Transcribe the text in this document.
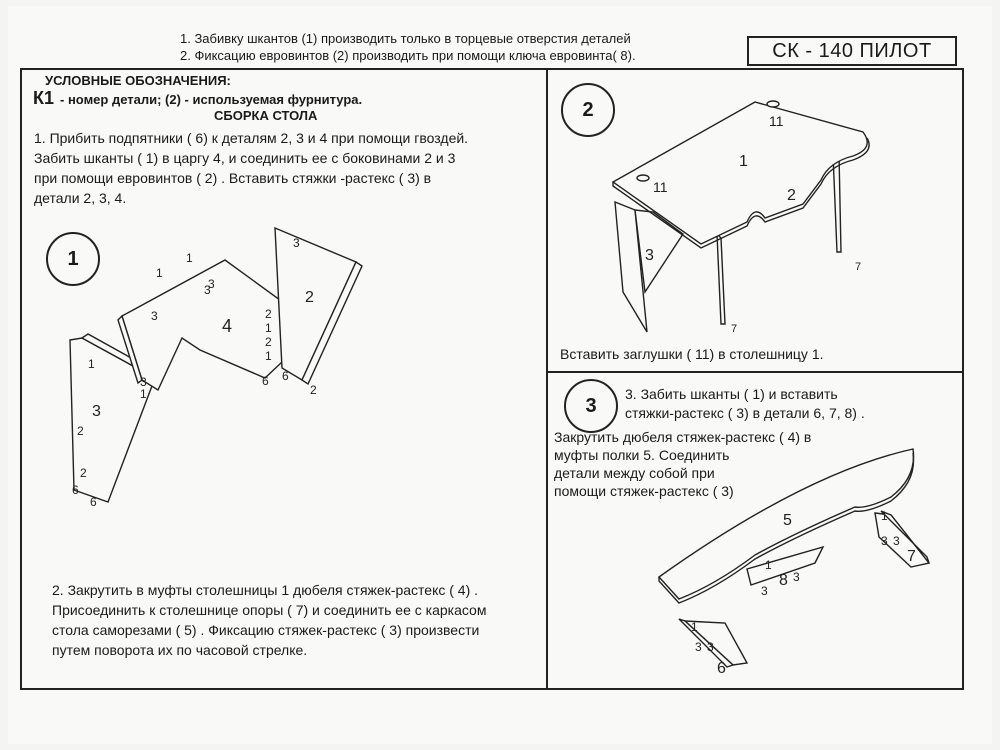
1. Забивку шкантов (1) производить только в торцевые отверстия деталей
2. Фиксацию евровинтов (2) производить при помощи ключа евровинта( 8).	СК - 140 ПИЛОТ
УСЛОВНЫЕ ОБОЗНАЧЕНИЯ:
К1 - номер детали; (2) - используемая фурнитура.
СБОРКА СТОЛА
1. Прибить подпятники ( 6) к деталям 2, 3 и 4 при помощи гвоздей.
Забить шканты ( 1) в царгу 4, и соединить ее с боковинами 2 и 3
при помощи евровинтов ( 2) . Вставить стяжки -растекс ( 3) в
детали 2, 3, 4.
1
2
3
1
1
3
3
3
3
4
2
1
2
1
2
1
1
3
3
2
2
6
6
6 6
2
2. Закрутить в муфты столешницы 1 дюбеля стяжек-растекс ( 4) .
Присоединить к столешнице опоры ( 7) и соединить ее с каркасом
стола саморезами ( 5) . Фиксацию стяжек-растекс ( 3) произвести
путем поворота их по часовой стрелке.
11
1
11	2
3
7
7
Вставить заглушки ( 11) в столешницу 1.
3. Забить шканты ( 1) и вставить
стяжки-растекс ( 3) в детали 6, 7, 8) .
Закрутить дюбеля стяжек-растекс ( 4) в
муфты полки 5. Соединить
детали между собой при
помощи стяжек-растекс ( 3)
5	1
3 3
7
1
8
3
3
1
3 3
6
